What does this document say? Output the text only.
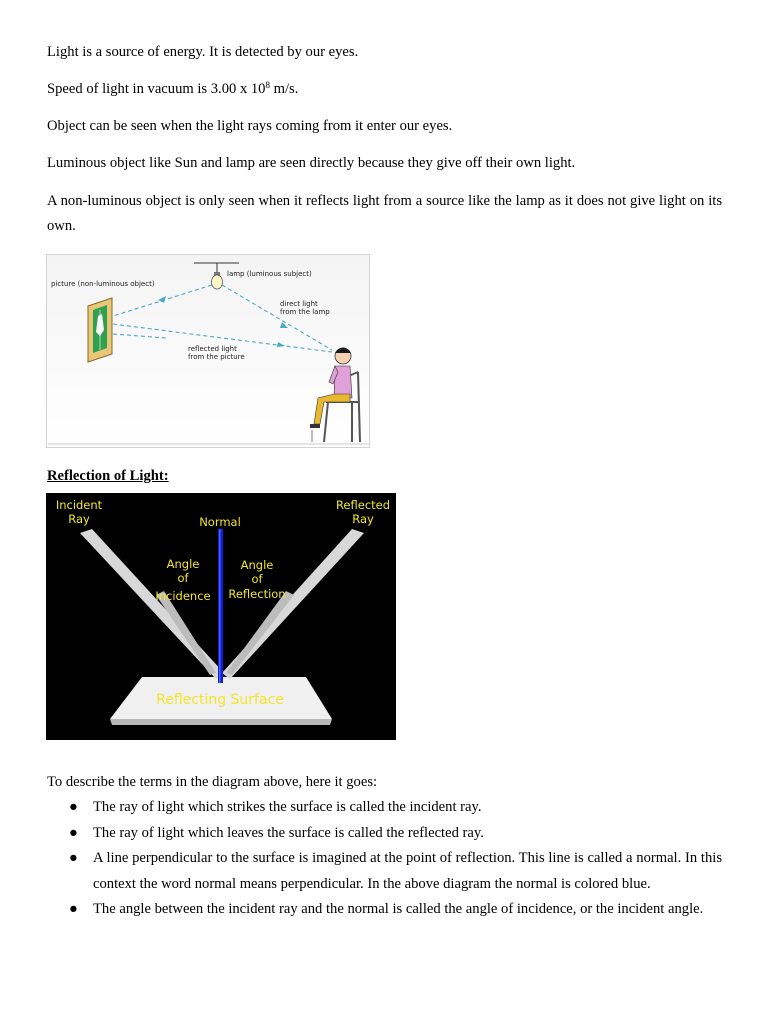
Light is a source of energy. It is detected by our eyes.

Speed of light in vacuum is 3.00 x $10^8$ m/s.

Object can be seen when the light rays coming from it enter our eyes.

Luminous object like Sun and lamp are seen directly because they give off their own light.

A non-luminous object is only seen when it reflects light from a source like the lamp as it does not give light on its own.

lamp (luminous subject)
picture (non-luminous object)
direct light
from the lamp
reflected light
from the picture
Reflection of Light:
Incident
Ray
Reflected
Ray
Normal
Angle
of
Incidence
Angle
of
Reflection
Reflecting Surface

To describe the terms in the diagram above, here it goes:

● The ray of light which strikes the surface is called the incident ray.
● The ray of light which leaves the surface is called the reflected ray.
● A line perpendicular to the surface is imagined at the point of reflection. This line is called a normal. In this context the word normal means perpendicular. In the above diagram the normal is colored blue.
● The angle between the incident ray and the normal is called the angle of incidence, or the incident angle.
